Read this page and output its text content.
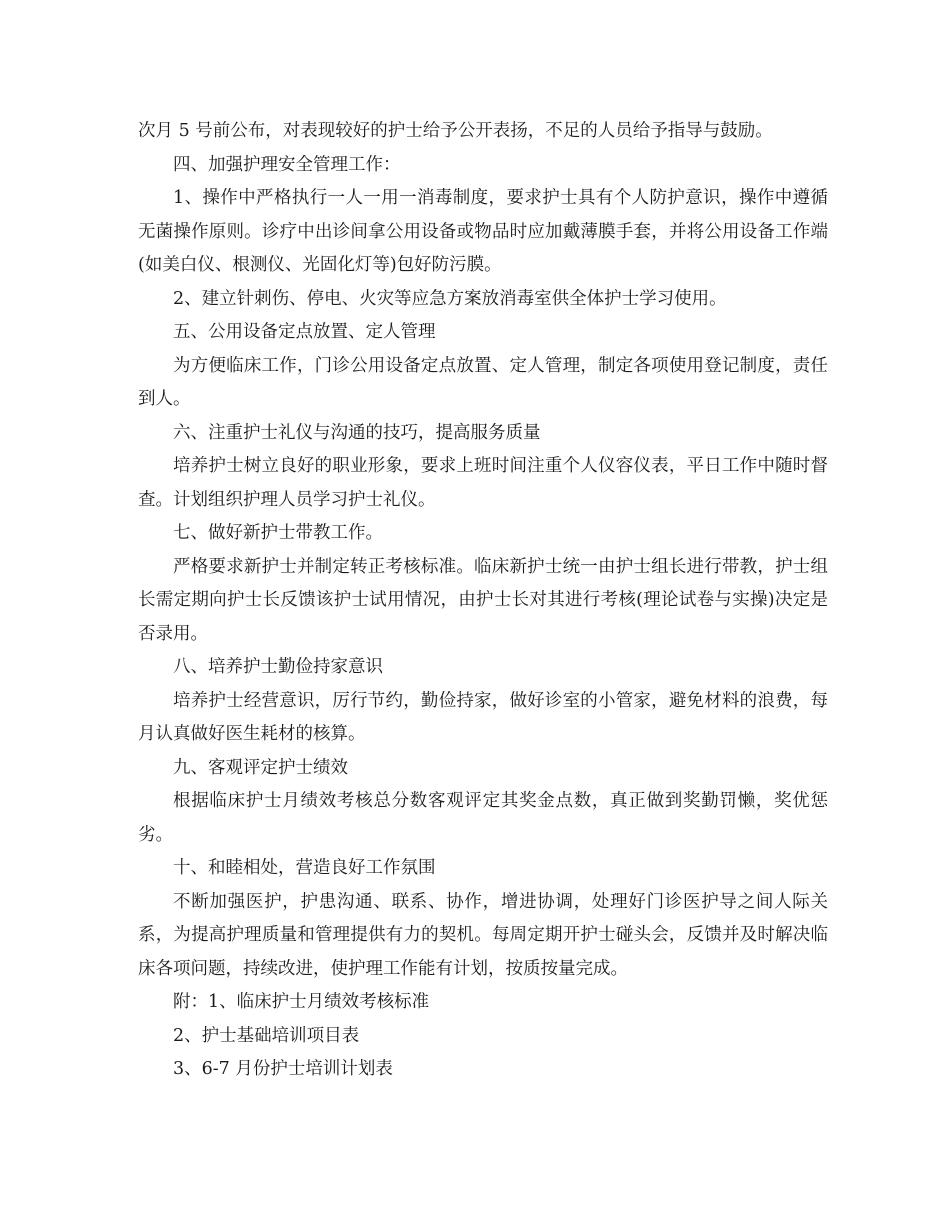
次月 5 号前公布，对表现较好的护士给予公开表扬，不足的人员给予指导与鼓励。

四、加强护理安全管理工作：

1、操作中严格执行一人一用一消毒制度，要求护士具有个人防护意识，操作中遵循无菌操作原则。诊疗中出诊间拿公用设备或物品时应加戴薄膜手套，并将公用设备工作端(如美白仪、根测仪、光固化灯等)包好防污膜。

2、建立针刺伤、停电、火灾等应急方案放消毒室供全体护士学习使用。

五、公用设备定点放置、定人管理

为方便临床工作，门诊公用设备定点放置、定人管理，制定各项使用登记制度，责任到人。

六、注重护士礼仪与沟通的技巧，提高服务质量

培养护士树立良好的职业形象，要求上班时间注重个人仪容仪表，平日工作中随时督查。计划组织护理人员学习护士礼仪。

七、做好新护士带教工作。

严格要求新护士并制定转正考核标准。临床新护士统一由护士组长进行带教，护士组长需定期向护士长反馈该护士试用情况，由护士长对其进行考核(理论试卷与实操)决定是否录用。

八、培养护士勤俭持家意识

培养护士经营意识，厉行节约，勤俭持家，做好诊室的小管家，避免材料的浪费，每月认真做好医生耗材的核算。

九、客观评定护士绩效

根据临床护士月绩效考核总分数客观评定其奖金点数，真正做到奖勤罚懒，奖优惩劣。

十、和睦相处，营造良好工作氛围

不断加强医护，护患沟通、联系、协作，增进协调，处理好门诊医护导之间人际关系，为提高护理质量和管理提供有力的契机。每周定期开护士碰头会，反馈并及时解决临床各项问题，持续改进，使护理工作能有计划，按质按量完成。

附：1、临床护士月绩效考核标准

2、护士基础培训项目表

3、6-7 月份护士培训计划表
